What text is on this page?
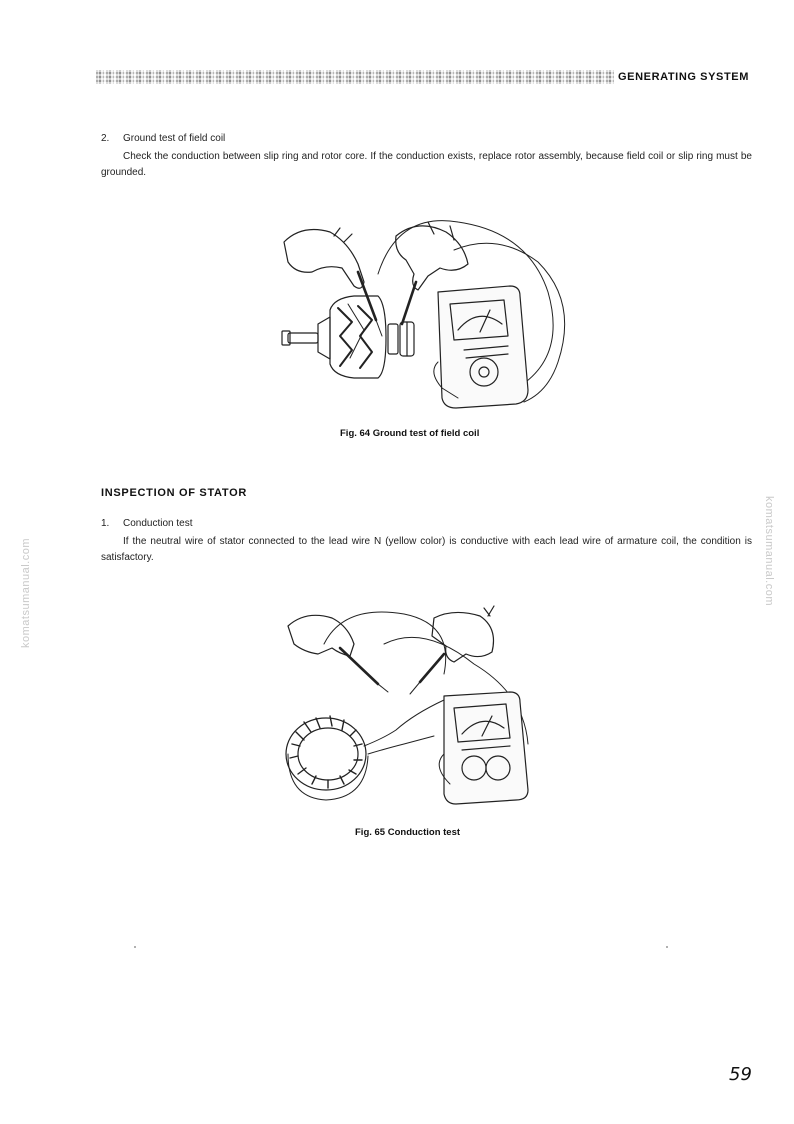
GENERATING SYSTEM
2. Ground test of field coil
Check the conduction between slip ring and rotor core. If the conduction exists, replace rotor assembly, because field coil or slip ring must be grounded.
Fig. 64 Ground test of field coil
INSPECTION OF STATOR
1. Conduction test
If the neutral wire of stator connected to the lead wire N (yellow color) is conductive with each lead wire of armature coil, the condition is satisfactory.
Fig. 65 Conduction test
komatsumanual.com	komatsumanual.com
59
